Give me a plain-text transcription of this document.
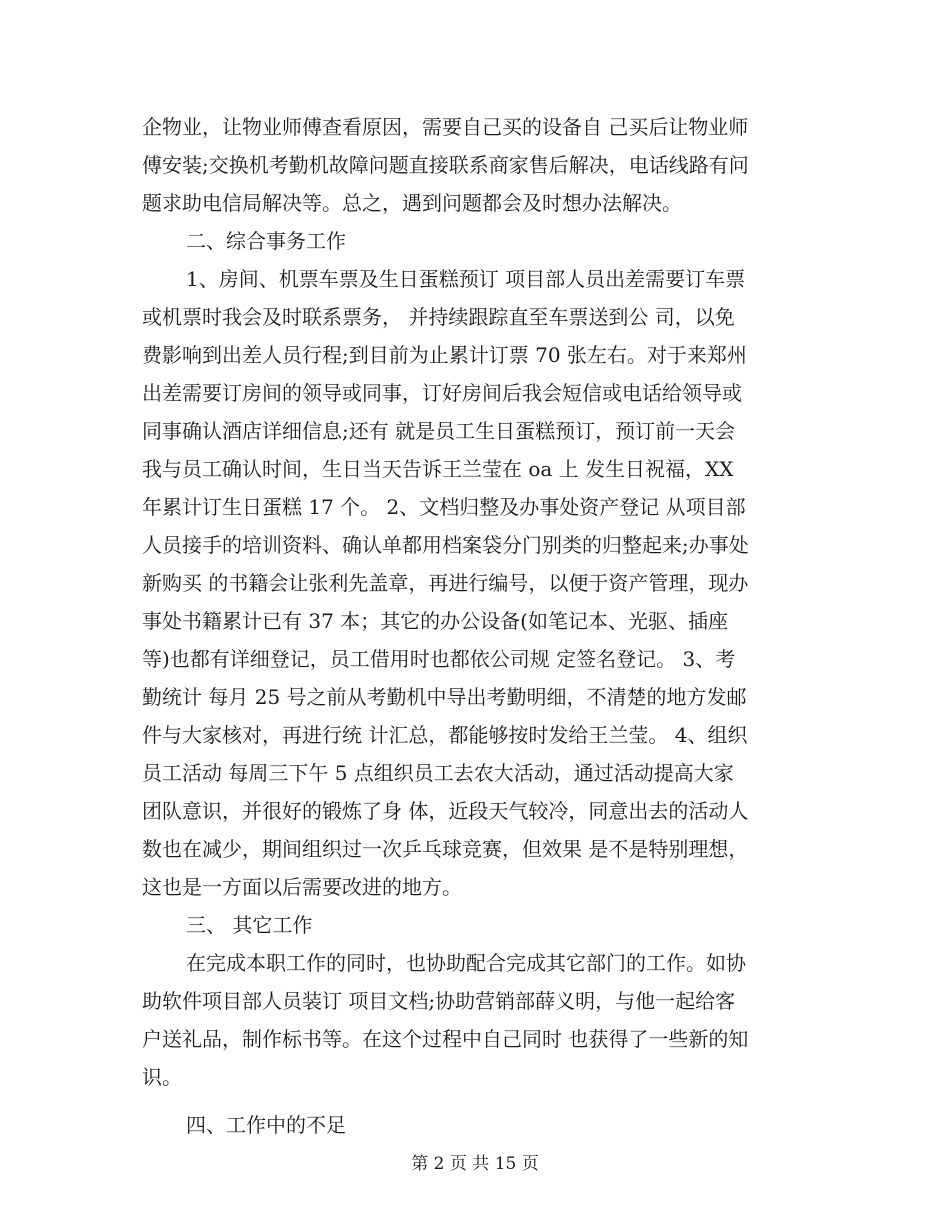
企物业，让物业师傅查看原因，需要自己买的设备自 己买后让物业师
傅安装;交换机考勤机故障问题直接联系商家售后解决，电话线路有问
题求助电信局解决等。总之，遇到问题都会及时想办法解决。
二、综合事务工作
1、房间、机票车票及生日蛋糕预订 项目部人员出差需要订车票
或机票时我会及时联系票务， 并持续跟踪直至车票送到公 司，以免
费影响到出差人员行程;到目前为止累计订票 70 张左右。对于来郑州
出差需要订房间的领导或同事，订好房间后我会短信或电话给领导或
同事确认酒店详细信息;还有 就是员工生日蛋糕预订，预订前一天会
我与员工确认时间，生日当天告诉王兰莹在 oa 上 发生日祝福，XX
年累计订生日蛋糕 17 个。 2、文档归整及办事处资产登记 从项目部
人员接手的培训资料、确认单都用档案袋分门别类的归整起来;办事处
新购买 的书籍会让张利先盖章，再进行编号，以便于资产管理，现办
事处书籍累计已有 37 本；其它的办公设备(如笔记本、光驱、插座
等)也都有详细登记，员工借用时也都依公司规 定签名登记。 3、考
勤统计 每月 25 号之前从考勤机中导出考勤明细，不清楚的地方发邮
件与大家核对，再进行统 计汇总，都能够按时发给王兰莹。 4、组织
员工活动 每周三下午 5 点组织员工去农大活动，通过活动提高大家
团队意识，并很好的锻炼了身 体，近段天气较冷，同意出去的活动人
数也在减少，期间组织过一次乒乓球竞赛，但效果 是不是特别理想，
这也是一方面以后需要改进的地方。
三、 其它工作
在完成本职工作的同时，也协助配合完成其它部门的工作。如协
助软件项目部人员装订 项目文档;协助营销部薛义明，与他一起给客
户送礼品，制作标书等。在这个过程中自己同时 也获得了一些新的知
识。
四、工作中的不足
第 2 页 共 15 页
